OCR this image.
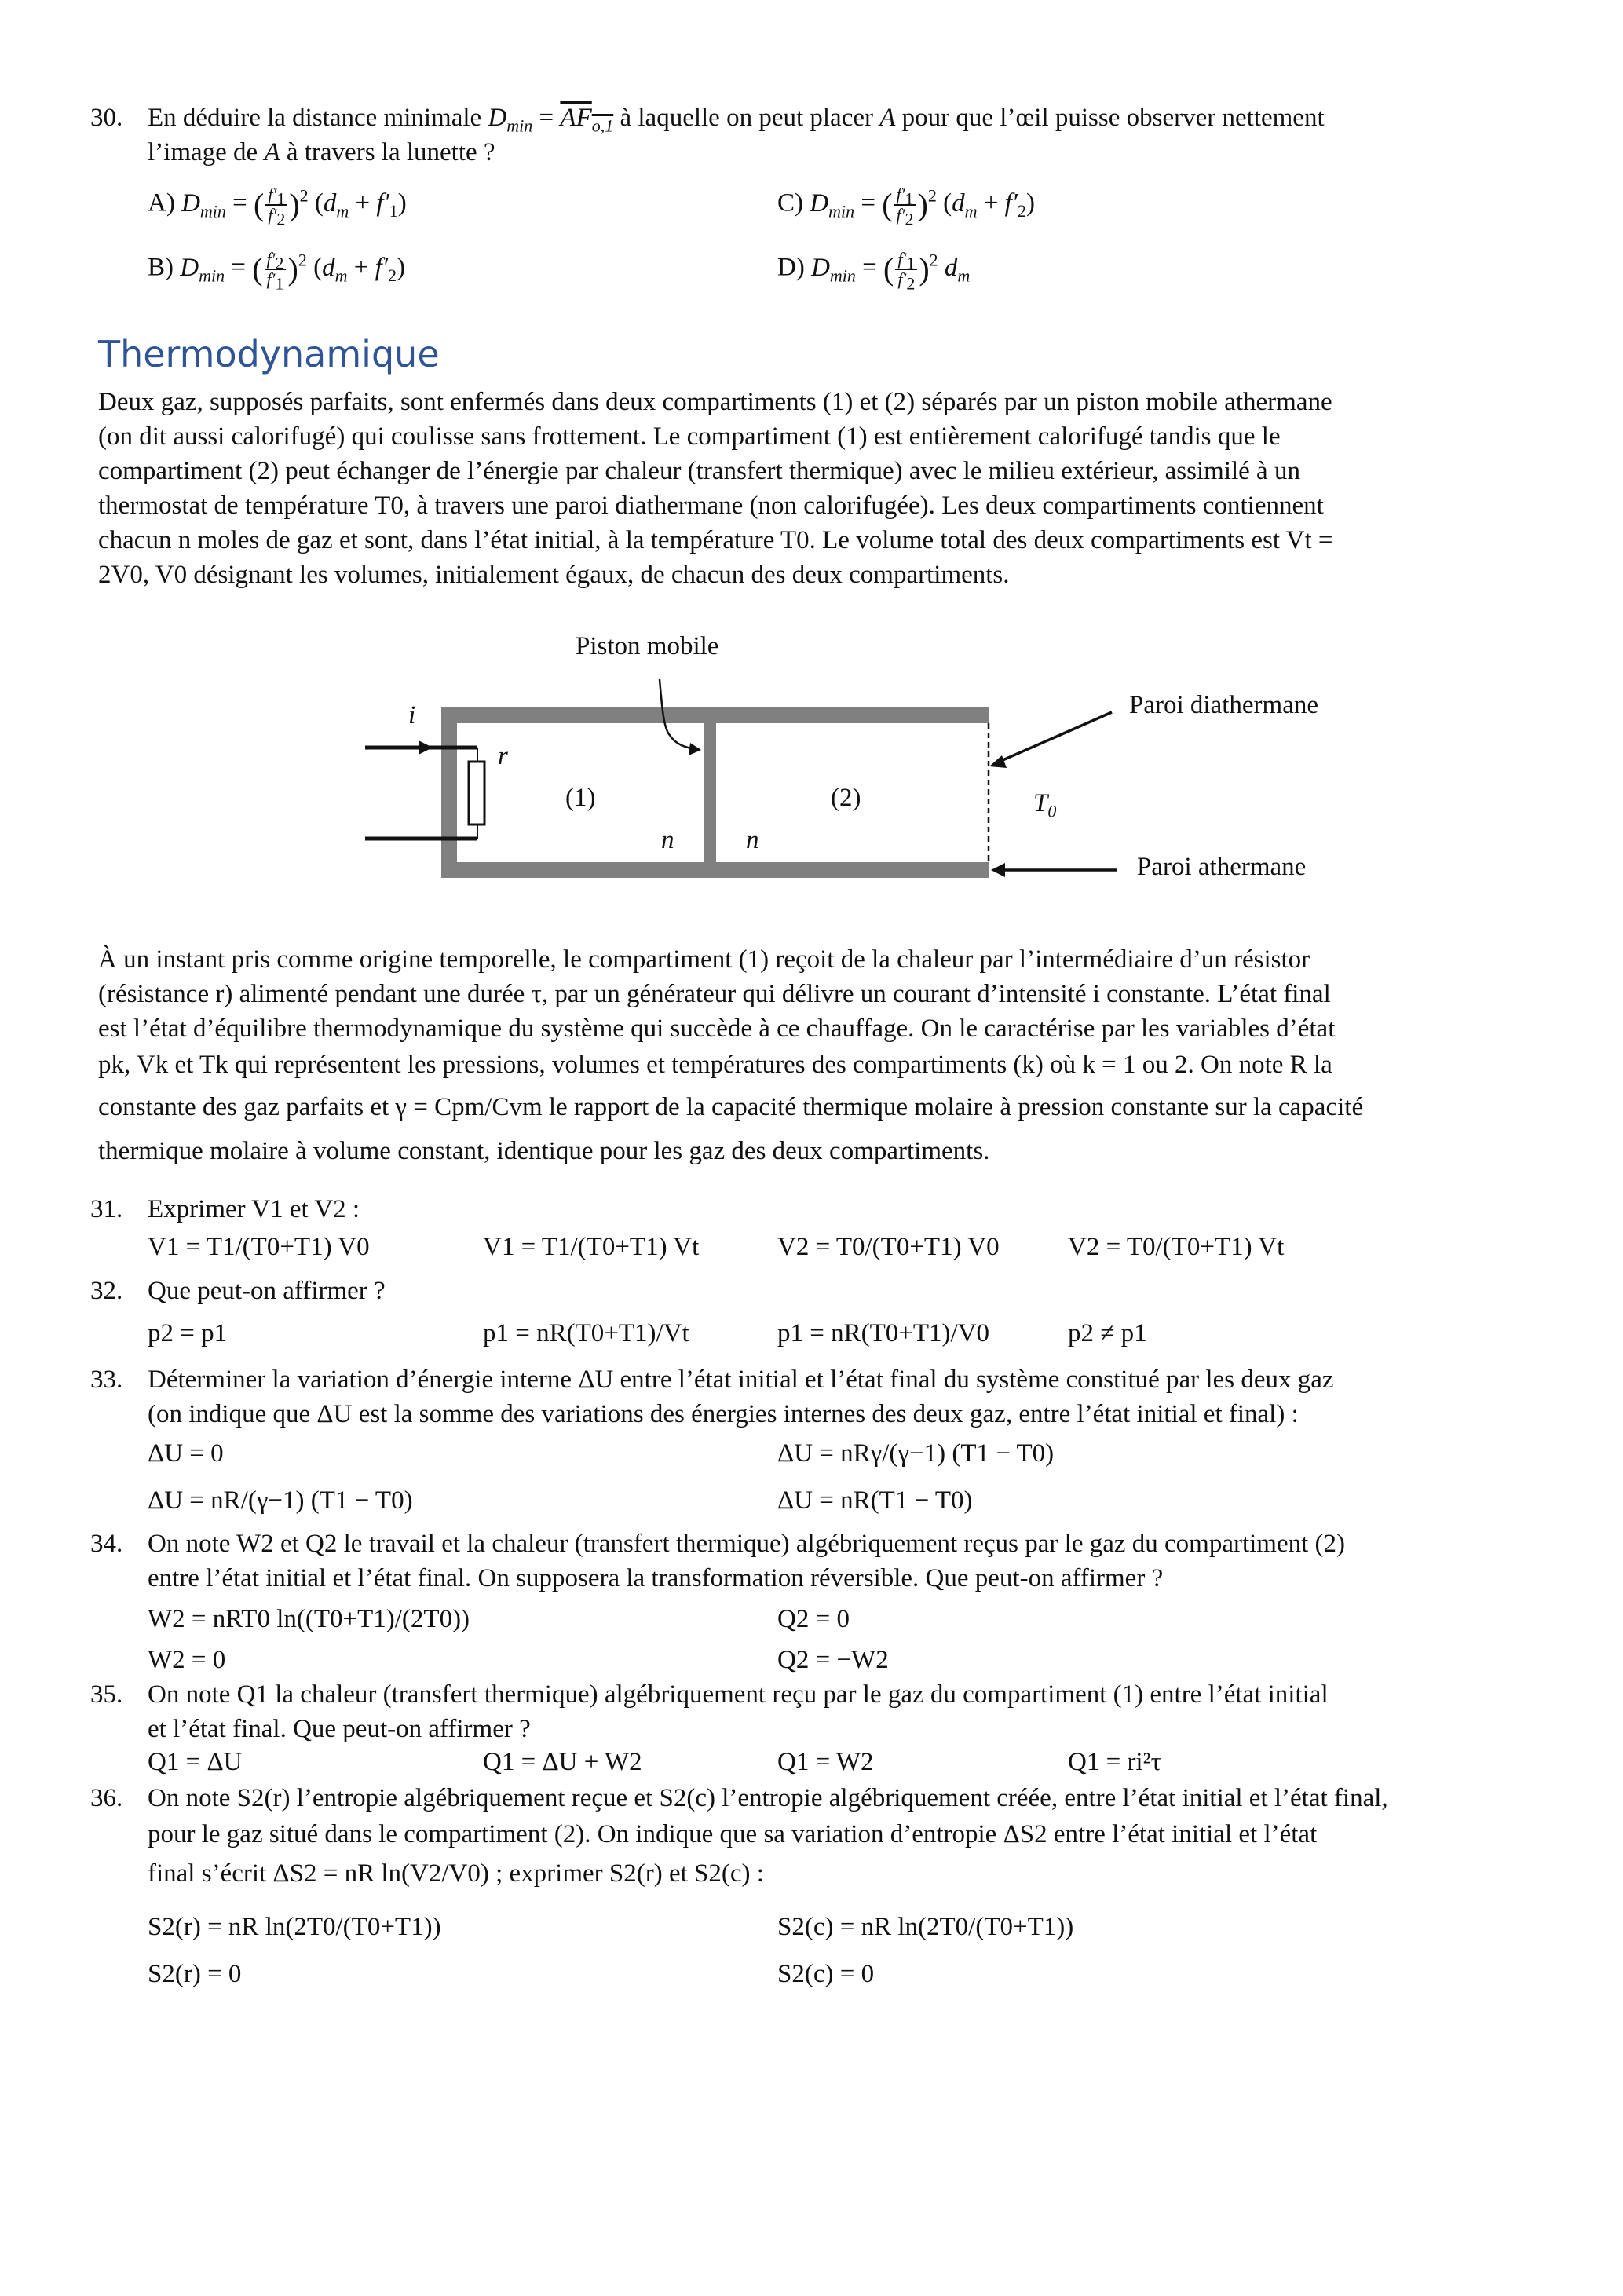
30. En déduire la distance minimale $D_{min} = AF_{o,1}$ à laquelle on peut placer A pour que l’œil puisse observer nettement
l’image de A à travers la lunette ?
A) $D_{min}$ = ( $\frac{f'_1}{f'_2} )^2$ $(d_m + f'_1)$	C) $D_{min}$ = ( $\frac{f'_1}{f'_2} )^2$ $(d_m + f'_2)$
B) $D_{min}$ = ( $\frac{f'_2}{f'_1} )^2$ $(d_m + f'_2)$	D) $D_{min}$ = ( $\frac{f'_1}{f'_2} )^2$ $d_m$
Thermodynamique
Deux gaz, supposés parfaits, sont enfermés dans deux compartiments (1) et (2) séparés par un piston mobile athermane
(on dit aussi calorifugé) qui coulisse sans frottement. Le compartiment (1) est entièrement calorifugé tandis que le
compartiment (2) peut échanger de l’énergie par chaleur (transfert thermique) avec le milieu extérieur, assimilé à un
thermostat de température T0, à travers une paroi diathermane (non calorifugée). Les deux compartiments contiennent
chacun n moles de gaz et sont, dans l’état initial, à la température T0. Le volume total des deux compartiments est Vt =
2V0, V0 désignant les volumes, initialement égaux, de chacun des deux compartiments.
Piston mobile
Paroi diathermane
Paroi athermane
i
r
(1)	(2)
n	n
$T_0$
À un instant pris comme origine temporelle, le compartiment (1) reçoit de la chaleur par l’intermédiaire d’un résistor
(résistance r) alimenté pendant une durée τ, par un générateur qui délivre un courant d’intensité i constante. L’état final
est l’état d’équilibre thermodynamique du système qui succède à ce chauffage. On le caractérise par les variables d’état
pk, Vk et Tk qui représentent les pressions, volumes et températures des compartiments (k) où k = 1 ou 2. On note R la
constante des gaz parfaits et γ = Cpm/Cvm le rapport de la capacité thermique molaire à pression constante sur la capacité
thermique molaire à volume constant, identique pour les gaz des deux compartiments.
31. Exprimer V1 et V2 :
V1 = T1/(T0+T1) V0	V1 = T1/(T0+T1) Vt	V2 = T0/(T0+T1) V0	V2 = T0/(T0+T1) Vt
32. Que peut-on affirmer ?
p2 = p1	p1 = nR(T0+T1)/Vt	p1 = nR(T0+T1)/V0	p2 ≠ p1
33. Déterminer la variation d’énergie interne ΔU entre l’état initial et l’état final du système constitué par les deux gaz
(on indique que ΔU est la somme des variations des énergies internes des deux gaz, entre l’état initial et final) :
ΔU = 0	ΔU = nRγ/(γ−1) (T1 − T0)
ΔU = nR/(γ−1) (T1 − T0)	ΔU = nR(T1 − T0)
34. On note W2 et Q2 le travail et la chaleur (transfert thermique) algébriquement reçus par le gaz du compartiment (2)
entre l’état initial et l’état final. On supposera la transformation réversible. Que peut-on affirmer ?
W2 = nRT0 ln((T0+T1)/(2T0))	Q2 = 0
W2 = 0	Q2 = −W2
35. On note Q1 la chaleur (transfert thermique) algébriquement reçu par le gaz du compartiment (1) entre l’état initial
et l’état final. Que peut-on affirmer ?
Q1 = ΔU	Q1 = ΔU + W2	Q1 = W2	Q1 = ri²τ
36. On note S2(r) l’entropie algébriquement reçue et S2(c) l’entropie algébriquement créée, entre l’état initial et l’état final,
pour le gaz situé dans le compartiment (2). On indique que sa variation d’entropie ΔS2 entre l’état initial et l’état
final s’écrit ΔS2 = nR ln(V2/V0) ; exprimer S2(r) et S2(c) :
S2(r) = nR ln(2T0/(T0+T1))	S2(c) = nR ln(2T0/(T0+T1))
S2(r) = 0	S2(c) = 0
